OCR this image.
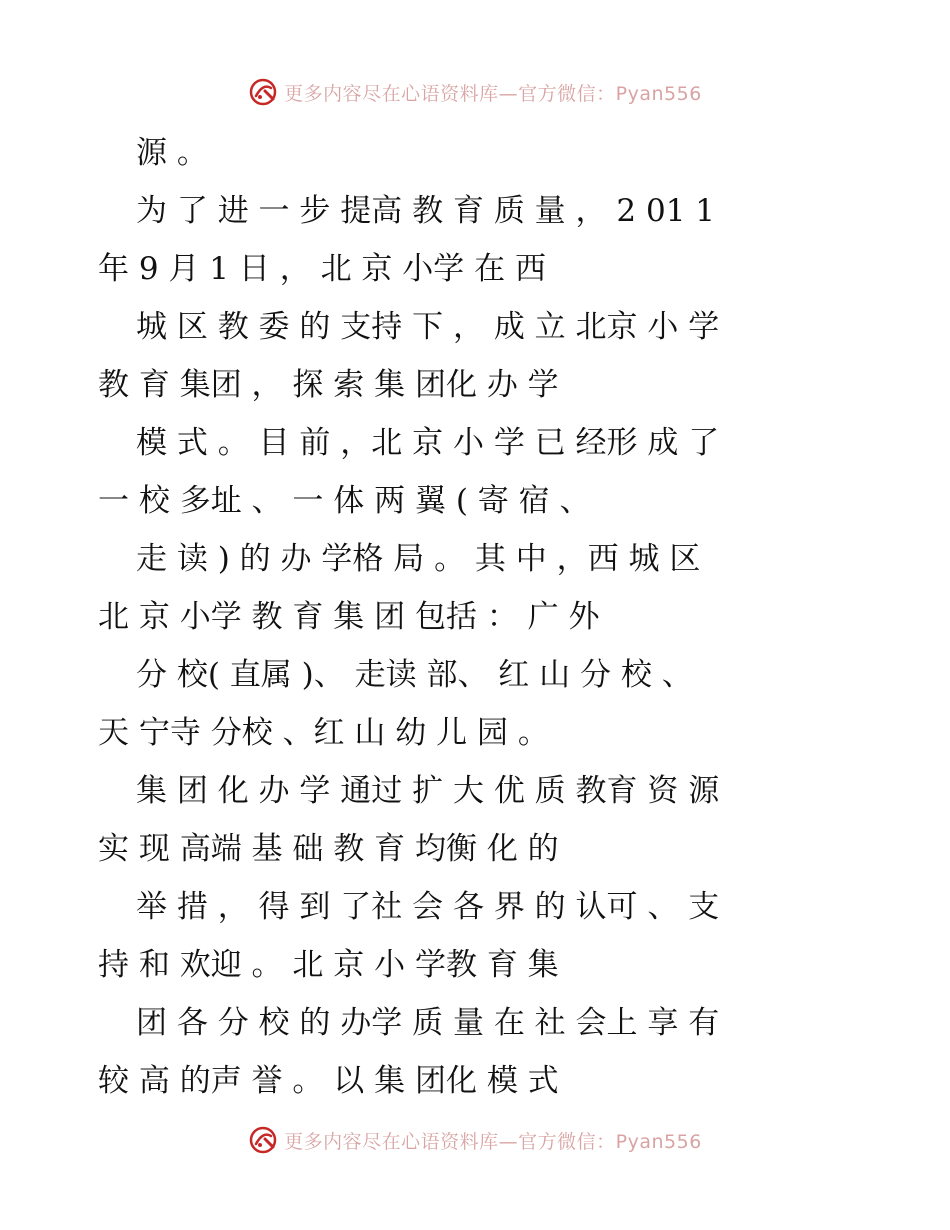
更多内容尽在心语资料库—官方微信：Pyan556
源 。
为 了 进 一 步 提高 教 育 质 量 ， 2 01 1
年 9 月 1 日 ， 北 京 小学 在 西
城 区 教 委 的 支持 下 ， 成 立 北京 小 学
教 育 集团 ， 探 索 集 团化 办 学
模 式 。 目 前 ，北 京 小 学 已 经形 成 了
一 校 多址 、 一 体 两 翼 ( 寄 宿 、
走 读 ) 的 办 学格 局 。 其 中 ，西 城 区
北 京 小学 教 育 集 团 包括 ： 广 外
分 校( 直属 )、 走读 部、 红 山 分 校 、
天 宁寺 分校 、红 山 幼 儿 园 。
集 团 化 办 学 通过 扩 大 优 质 教育 资 源
实 现 高端 基 础 教 育 均衡 化 的
举 措 ， 得 到 了社 会 各 界 的 认可 、 支
持 和 欢迎 。 北 京 小 学教 育 集
团 各 分 校 的 办学 质 量 在 社 会上 享 有
较 高 的声 誉 。 以 集 团化 模 式
更多内容尽在心语资料库—官方微信：Pyan556
